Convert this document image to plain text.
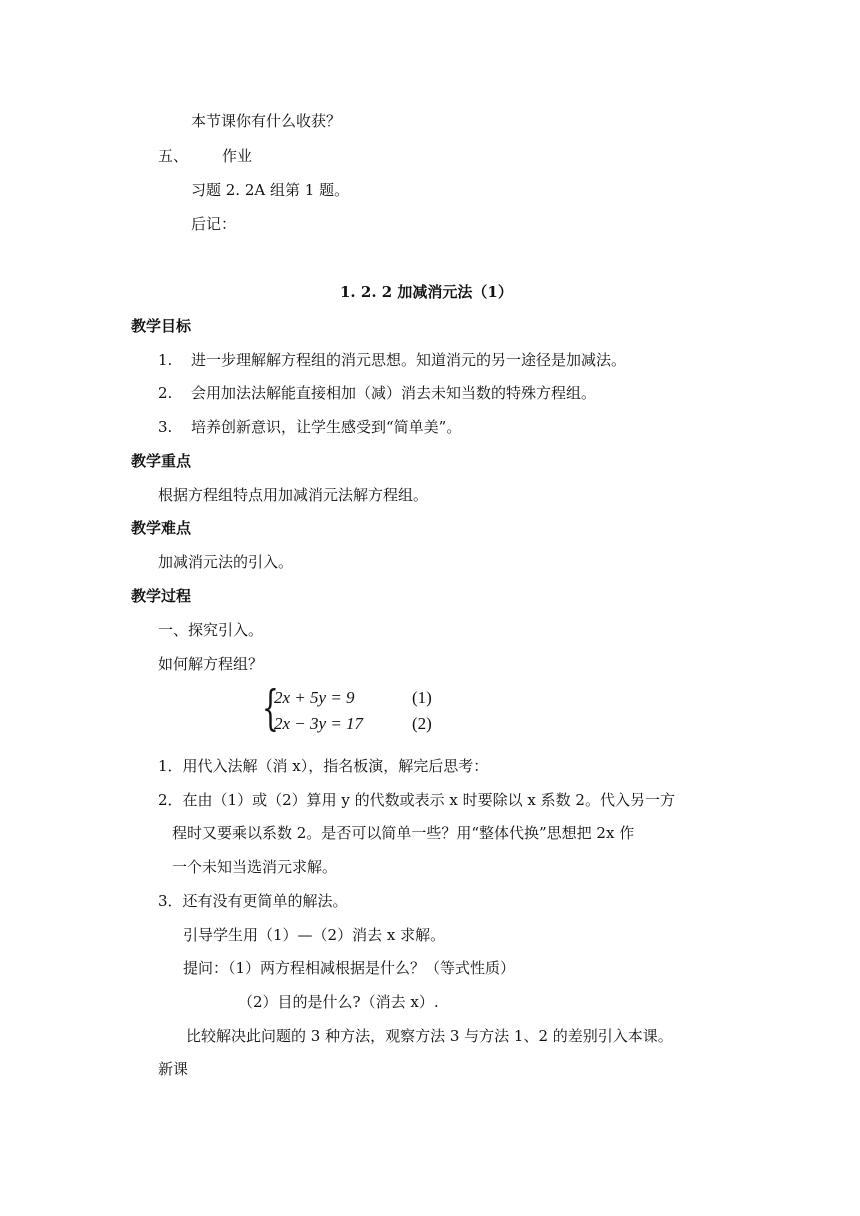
本节课你有什么收获？
五、 作业
习题 2. 2A 组第 1 题。
后记：
1. 2. 2 加减消元法（1）
教学目标
1. 进一步理解解方程组的消元思想。知道消元的另一途径是加减法。
2. 会用加法法解能直接相加（减）消去未知当数的特殊方程组。
3. 培养创新意识，让学生感受到“简单美”。
教学重点
根据方程组特点用加减消元法解方程组。
教学难点
加减消元法的引入。
教学过程
一、探究引入。
如何解方程组？
{
2x + 5y = 9	(1)
2x − 3y = 17	(2)
1．用代入法解（消 x），指名板演，解完后思考：
2．在由（1）或（2）算用 y 的代数或表示 x 时要除以 x 系数 2。代入另一方
程时又要乘以系数 2。是否可以简单一些？用“整体代换”思想把 2x 作
一个未知当选消元求解。
3．还有没有更简单的解法。
引导学生用（1）—（2）消去 x 求解。
提问：（1）两方程相减根据是什么？（等式性质）
（2）目的是什么?（消去 x）.
比较解决此问题的 3 种方法，观察方法 3 与方法 1、2 的差别引入本课。
新课
